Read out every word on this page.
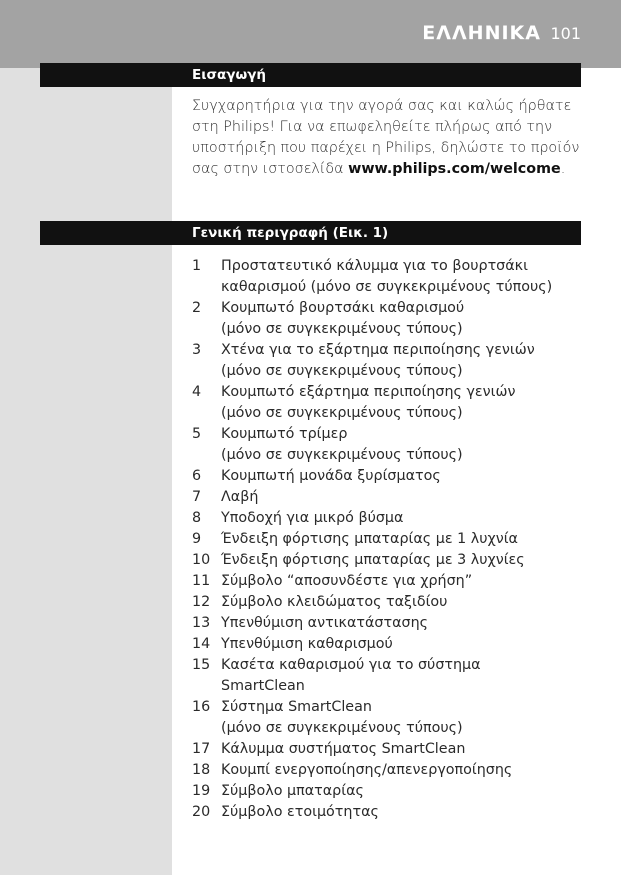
ΕΛΛΗΝΙΚΑ 101
Εισαγωγή

Συγχαρητήρια για την αγορά σας και καλώς ήρθατε στη Philips! Για να επωφεληθείτε πλήρως από την υποστήριξη που παρέχει η Philips, δηλώστε το προϊόν σας στην ιστοσελίδα www.philips.com/welcome.

Γενική περιγραφή (Εικ. 1)
1	Προστατευτικό κάλυμμα για το βουρτσάκι
καθαρισμού (μόνο σε συγκεκριμένους τύπους)
2	Κουμπωτό βουρτσάκι καθαρισμού
(μόνο σε συγκεκριμένους τύπους)
3	Χτένα για το εξάρτημα περιποίησης γενιών
(μόνο σε συγκεκριμένους τύπους)
4	Κουμπωτό εξάρτημα περιποίησης γενιών
(μόνο σε συγκεκριμένους τύπους)
5	Κουμπωτό τρίμερ
(μόνο σε συγκεκριμένους τύπους)
6	Κουμπωτή μονάδα ξυρίσματος
7	Λαβή
8	Υποδοχή για μικρό βύσμα
9	Ένδειξη φόρτισης μπαταρίας με 1 λυχνία
10 Ένδειξη φόρτισης μπαταρίας με 3 λυχνίες
11 Σύμβολο “αποσυνδέστε για χρήση”
12 Σύμβολο κλειδώματος ταξιδίου
13 Υπενθύμιση αντικατάστασης
14 Υπενθύμιση καθαρισμού
15 Κασέτα καθαρισμού για το σύστημα
SmartClean
16 Σύστημα SmartClean
(μόνο σε συγκεκριμένους τύπους)
17 Κάλυμμα συστήματος SmartClean
18 Κουμπί ενεργοποίησης/απενεργοποίησης
19 Σύμβολο μπαταρίας
20 Σύμβολο ετοιμότητας
